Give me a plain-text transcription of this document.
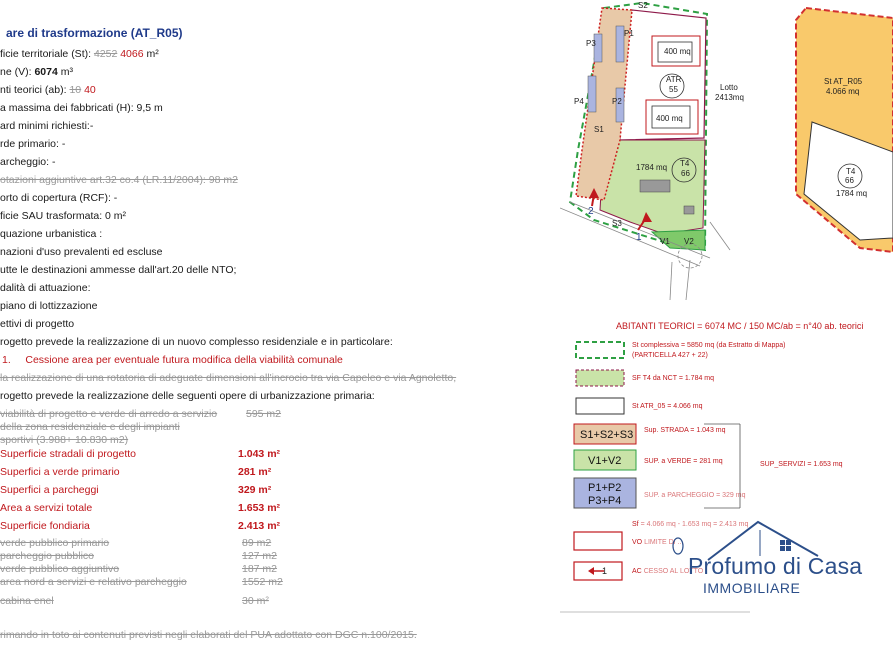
are di trasformazione (AT_R05)
ficie territoriale (St): 4252 4066 m²
ne (V): 6074 m³
nti teorici (ab): 10 40
a massima dei fabbricati (H): 9,5 m
ard minimi richiesti:-
rde primario: -
archeggio: -
otazioni aggiuntive art.32 co.4 (LR.11/2004): 98 m2
orto di copertura (RCF): -
ficie SAU trasformata: 0 m²
quazione urbanistica :
nazioni d'uso prevalenti ed escluse
utte le destinazioni ammesse dall'art.20 delle NTO;
dalità di attuazione:
piano di lottizzazione
ettivi di progetto
rogetto prevede la realizzazione di un nuovo complesso residenziale e in particolare:
1. Cessione area per eventuale futura modifica della viabilità comunale
la realizzazione di una rotatoria di adeguate dimensioni all'incrocio tra via Capeleo e via Agnoletto,
rogetto prevede la realizzazione delle seguenti opere di urbanizzazione primaria:
viabilità di progetto e verde di arredo a servizio	595 m2
della zona residenziale e degli impianti
sportivi (3.988+ 10.830 m2)
Superficie stradali di progetto	1.043 m²
Superfici a verde primario	281 m²
Superfici a parcheggi	329 m²
Area a servizi totale	1.653 m²
Superficie fondiaria	2.413 m²
verde pubblico primario	89 m2
parcheggio pubblico	127 m2
verde pubblico aggiuntivo	187 m2
area nord a servizi e relativo parcheggio	1552 m2
cabina enel	30 m²
rimando in toto ai contenuti previsti negli elaborati del PUA adottato con DGC n.100/2015.
S2
P3
P1
P4	P2
S1
S3
V1 V2
400 mq
400 mq
ATR
55	Lotto
2413mq
1784 mq T4
66
1
2
St AT_R05
4.066 mq
T4
66
1784 mq
ABITANTI TEORICI = 6074 MC / 150 MC/ab = n°40 ab. teorici
1
S1+S2+S3
V1+V2
P1+P2
P3+P4
St complessiva = 5850 mq (da Estratto di Mappa)
(PARTICELLA 427 + 22)
SF T4 da NCT = 1.784 mq
St ATR_05 = 4.066 mq
Sup. STRADA = 1.043 mq
SUP. a VERDE = 281 mq
SUP. a PARCHEGGIO = 329 mq
SUP_SERVIZI = 1.653 mq
Sf = 4.066 mq - 1.653 mq = 2.413 mq
VO LIMITE DI ...
AC CESSO AL LOTTO
Profumo di Casa
IMMOBILIARE
